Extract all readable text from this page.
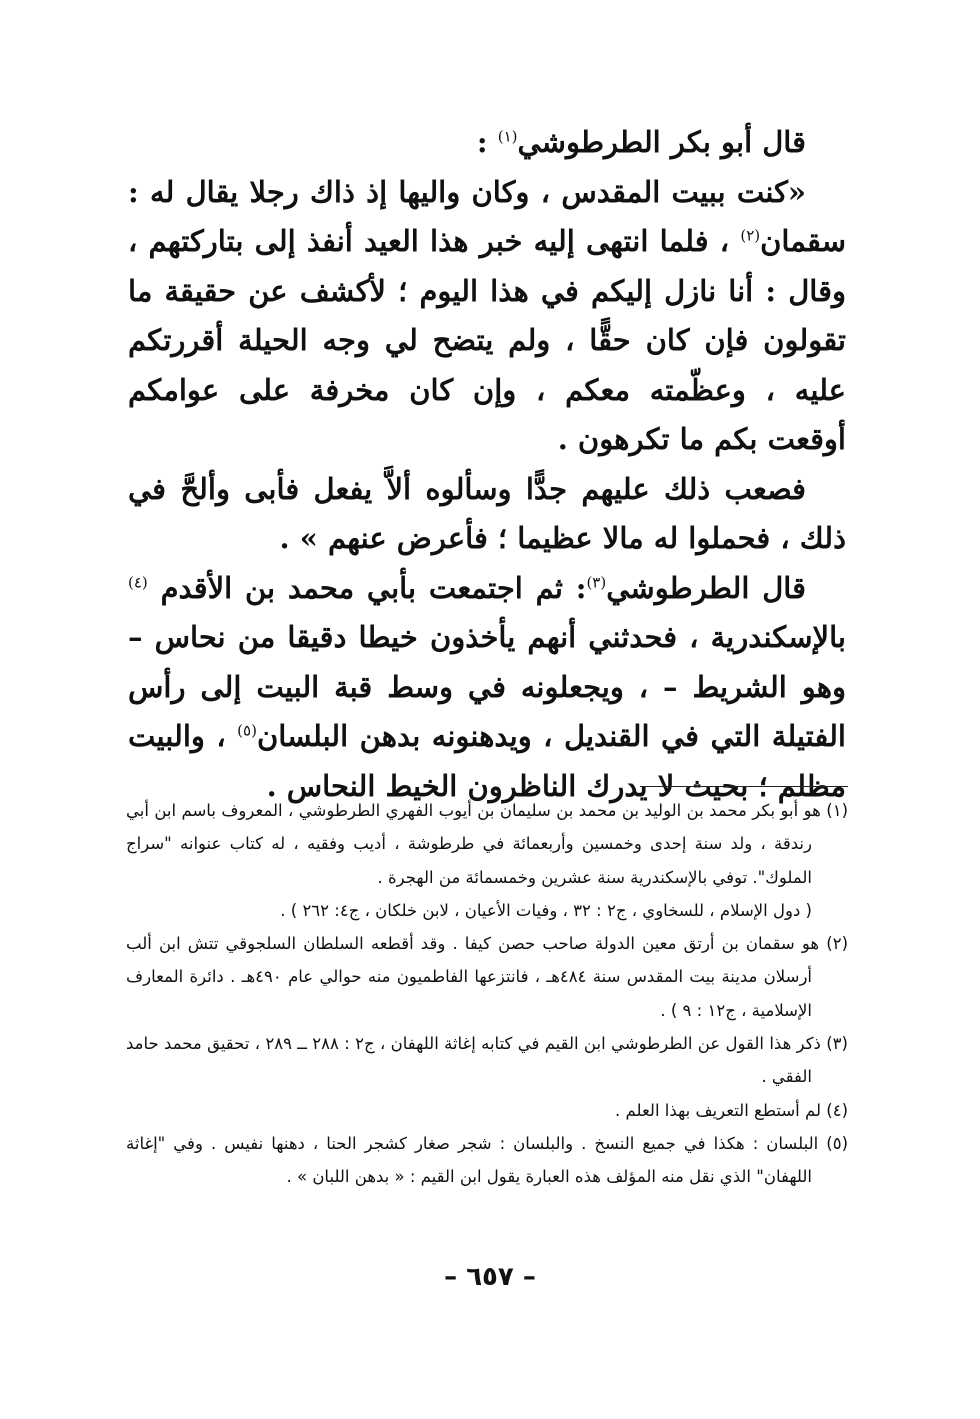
قال أبو بكر الطرطوشي$^{(١)}$ :

«كنت ببيت المقدس ، وكان واليها إذ ذاك رجلا يقال له : سقمان$^{(٢)}$ ، فلما انتهى إليه خبر هذا العيد أنفذ إلى بتاركتهم ، وقال : أنا نازل إليكم في هذا اليوم ؛ لأكشف عن حقيقة ما تقولون فإن كان حقًّا ، ولم يتضح لي وجه الحيلة أقررتكم عليه ، وعظّمته معكم ، وإن كان مخرفة على عوامكم أوقعت بكم ما تكرهون .

فصعب ذلك عليهم جدًّا وسألوه ألاَّ يفعل فأبى وألحَّ في ذلك ، فحملوا له مالا عظيما ؛ فأعرض عنهم » .

قال الطرطوشي$^{(٣)}$: ثم اجتمعت بأبي محمد بن الأقدم $^{(٤)}$ بالإسكندرية ، فحدثني أنهم يأخذون خيطا دقيقا من نحاس – وهو الشريط – ، ويجعلونه في وسط قبة البيت إلى رأس الفتيلة التي في القنديل ، ويدهنونه بدهن البلسان$^{(٥)}$ ، والبيت مظلم ؛ بحيث لا يدرك الناظرون الخيط النحاس .

(١) هو أبو بكر محمد بن الوليد بن محمد بن سليمان بن أيوب الفهري الطرطوشي ، المعروف باسم ابن أبي رندقة ، ولد سنة إحدى وخمسين وأربعمائة في طرطوشة ، أديب وفقيه ، له كتاب عنوانه "سراج الملوك". توفي بالإسكندرية سنة عشرين وخمسمائة من الهجرة .

( دول الإسلام ، للسخاوي ، ج٢ : ٣٢ ، وفيات الأعيان ، لابن خلكان ، ج٤: ٢٦٢ ) .

(٢) هو سقمان بن أرتق معين الدولة صاحب حصن كيفا . وقد أقطعه السلطان السلجوقي تتش ابن ألب أرسلان مدينة بيت المقدس سنة ٤٨٤هـ ، فانتزعها الفاطميون منه حوالي عام ٤٩٠هـ . دائرة المعارف الإسلامية ، ج١٢ : ٩ ) .

(٣) ذكر هذا القول عن الطرطوشي ابن القيم في كتابه إغاثة اللهفان ، ج٢ : ٢٨٨ ــ ٢٨٩ ، تحقيق محمد حامد الفقي .

(٤) لم أستطع التعريف بهذا العلم .

(٥) البلسان : هكذا في جميع النسخ . والبلسان : شجر صغار كشجر الحنا ، دهنها نفيس . وفي "إغاثة اللهفان" الذي نقل منه المؤلف هذه العبارة يقول ابن القيم : « بدهن اللبان » .

– ٦٥٧ –
